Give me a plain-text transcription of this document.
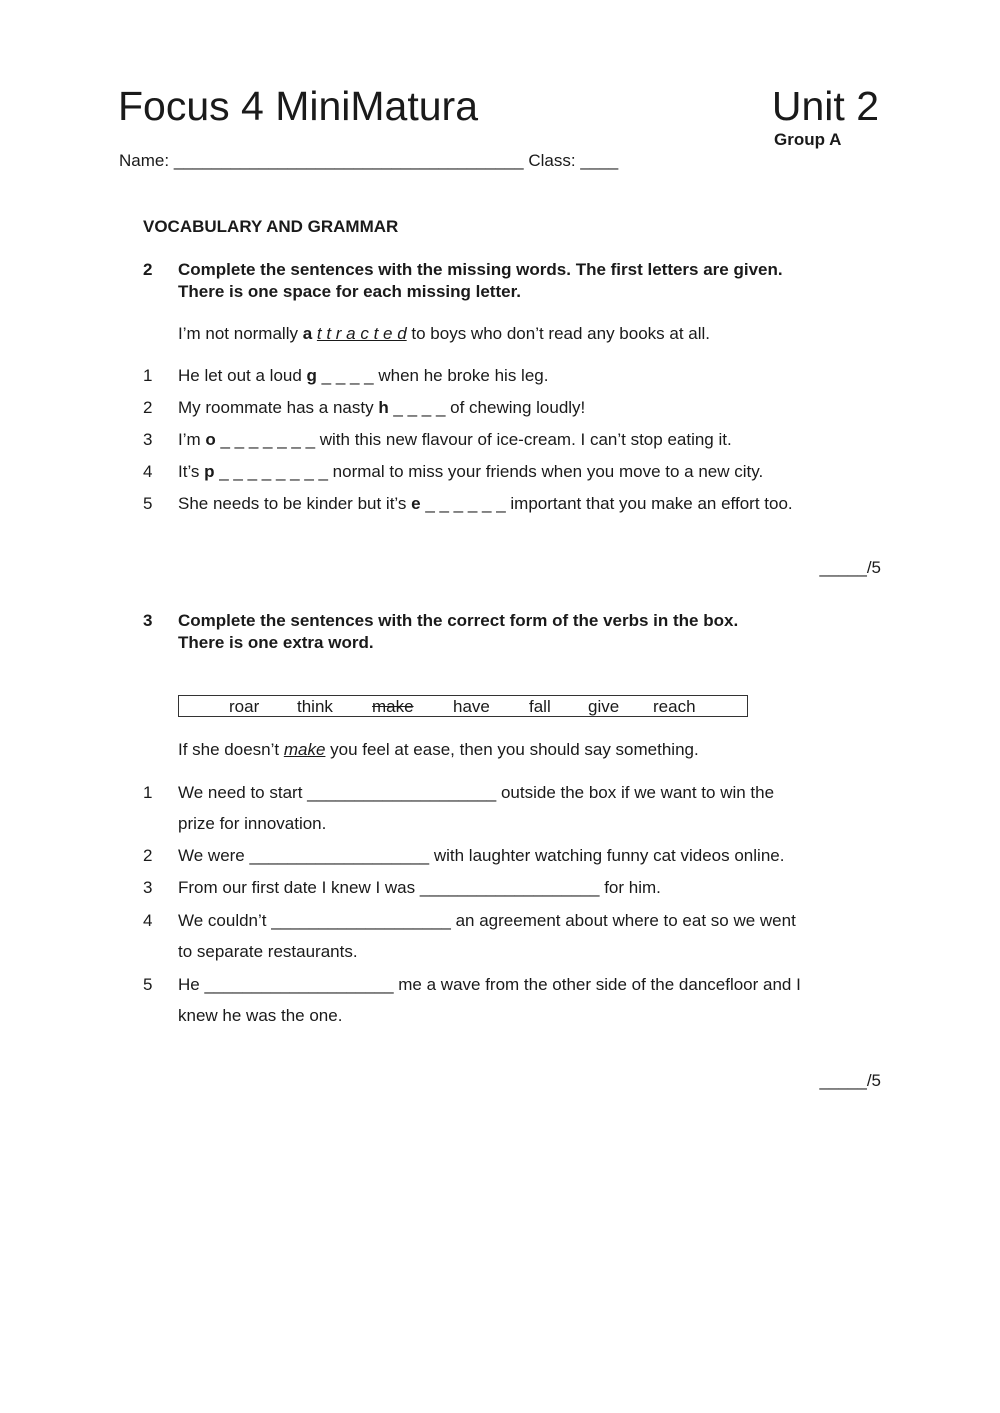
Focus 4 MiniMatura	Unit 2
Group A
Name: _____________________________________ Class: ____
VOCABULARY AND GRAMMAR
2 Complete the sentences with the missing words. The first letters are given.
There is one space for each missing letter.
I’m not normally a t t r a c t e d to boys who don’t read any books at all.
1 He let out a loud g _ _ _ _ when he broke his leg.
2 My roommate has a nasty h _ _ _ _ of chewing loudly!
3 I’m o _ _ _ _ _ _ _ with this new flavour of ice-cream. I can’t stop eating it.
4 It’s p _ _ _ _ _ _ _ _ normal to miss your friends when you move to a new city.
5 She needs to be kinder but it’s e _ _ _ _ _ _ important that you make an effort too.
_____/5
3 Complete the sentences with the correct form of the verbs in the box.
There is one extra word.
roar think make have fall give reach
If she doesn’t make you feel at ease, then you should say something.
1 We need to start ____________________ outside the box if we want to win the
prize for innovation.
2 We were ___________________ with laughter watching funny cat videos online.
3 From our first date I knew I was ___________________ for him.
4 We couldn’t ___________________ an agreement about where to eat so we went
to separate restaurants.
5 He ____________________ me a wave from the other side of the dancefloor and I
knew he was the one.
_____/5
